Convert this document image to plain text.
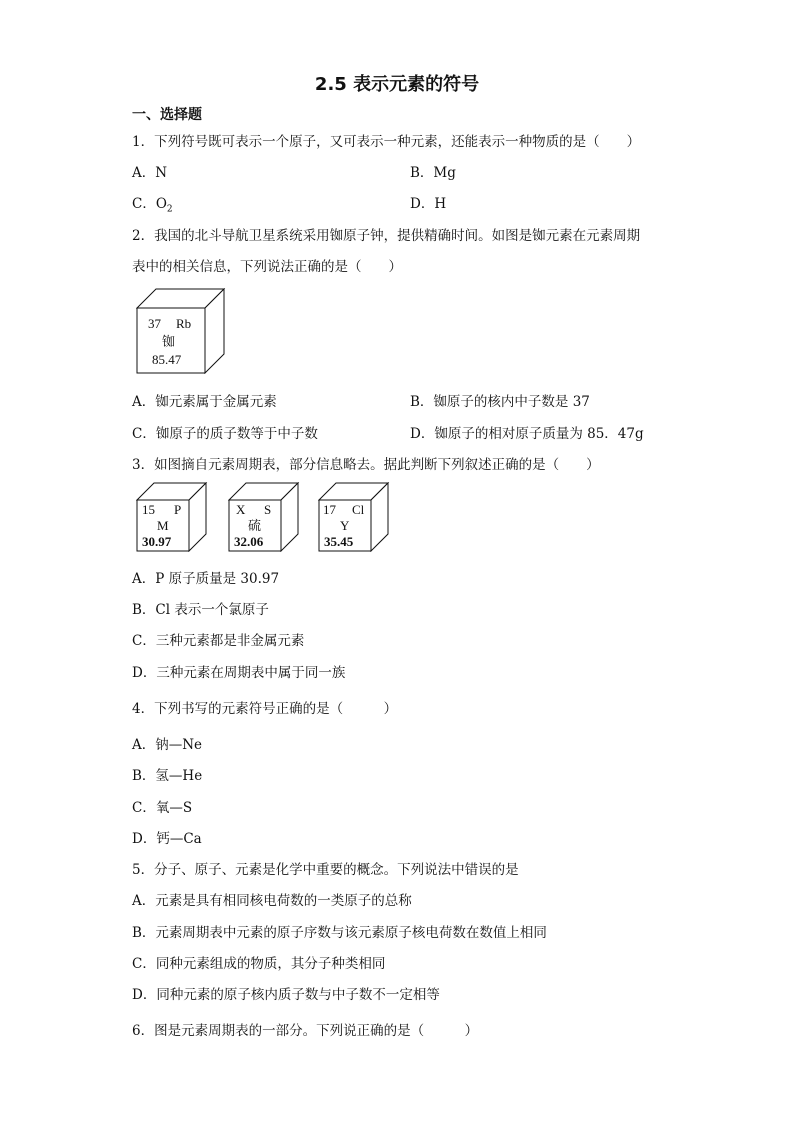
2.5 表示元素的符号
一、选择题
1．下列符号既可表示一个原子，又可表示一种元素，还能表示一种物质的是（　　）
A．N	B．Mg
C．$O_2$	D．H
2．我国的北斗导航卫星系统采用铷原子钟，提供精确时间。如图是铷元素在元素周期
表中的相关信息，下列说法正确的是（　　）
37 Rb
铷
85.47
A．铷元素属于金属元素	B．铷原子的核内中子数是 37
C．铷原子的质子数等于中子数	D．铷原子的相对原子质量为 85．47g
3．如图摘自元素周期表，部分信息略去。据此判断下列叙述正确的是（　　）
15 P
M
30.97
X S
硫
32.06
17 Cl
Y
35.45
A．P 原子质量是 30.97
B．Cl 表示一个氯原子
C．三种元素都是非金属元素
D．三种元素在周期表中属于同一族
4．下列书写的元素符号正确的是（　　　）
A．钠—Ne
B．氢—He
C．氧—S
D．钙—Ca
5．分子、原子、元素是化学中重要的概念。下列说法中错误的是
A．元素是具有相同核电荷数的一类原子的总称
B．元素周期表中元素的原子序数与该元素原子核电荷数在数值上相同
C．同种元素组成的物质，其分子种类相同
D．同种元素的原子核内质子数与中子数不一定相等
6．图是元素周期表的一部分。下列说正确的是（　　　）
